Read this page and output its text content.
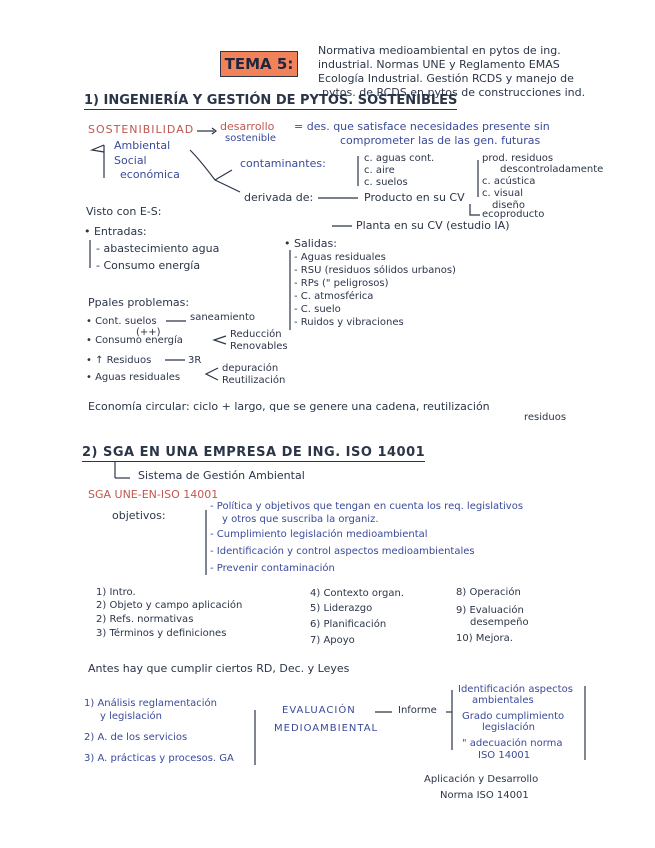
TEMA 5:
Normativa medioambiental en pytos de ing.
industrial. Normas UNE y Reglamento EMAS
Ecología Industrial. Gestión RCDS y manejo de
pytos. de RCDS en pytos de construcciones ind.
1) INGENIERÍA Y GESTIÓN DE PYTOS. SOSTENIBLES
SOSTENIBILIDAD desarrollo
sostenible
= des. que satisface necesidades presente sin
comprometer las de las gen. futuras
Ambiental
Social
económica
contaminantes:	c. aguas cont.
c. aire
c. suelos
prod. residuos
descontroladamente
c. acústica
c. visual
derivada de:	Producto en su CV
diseño
ecoproducto
Planta en su CV (estudio IA)
Visto con E-S:
• Entradas:
- abastecimiento agua
- Consumo energía
• Salidas:
- Aguas residuales
- RSU (residuos sólidos urbanos)
- RPs (" peligrosos)
- C. atmosférica
- C. suelo
- Ruidos y vibraciones
Ppales problemas:
• Cont. suelos	saneamiento
(++)
• Consumo energía
Reducción
Renovables
• ↑ Residuos	3R
• Aguas residuales
depuración
Reutilización
Economía circular: ciclo + largo, que se genere una cadena, reutilización
residuos
2) SGA EN UNA EMPRESA DE ING. ISO 14001
Sistema de Gestión Ambiental
SGA UNE-EN-ISO 14001
objetivos:
- Política y objetivos que tengan en cuenta los req. legislativos
y otros que suscriba la organiz.
- Cumplimiento legislación medioambiental
- Identificación y control aspectos medioambientales
- Prevenir contaminación
1) Intro.
2) Objeto y campo aplicación
2) Refs. normativas
3) Términos y definiciones
4) Contexto organ.
5) Liderazgo
6) Planificación
7) Apoyo
8) Operación
9) Evaluación
desempeño
10) Mejora.
Antes hay que cumplir ciertos RD, Dec. y Leyes
1) Análisis reglamentación
y legislación
2) A. de los servicios
3) A. prácticas y procesos. GA
EVALUACIÓN
MEDIOAMBIENTAL
Informe
Identificación aspectos
ambientales
Grado cumplimiento
legislación
" adecuación norma
ISO 14001
Aplicación y Desarrollo
Norma ISO 14001
